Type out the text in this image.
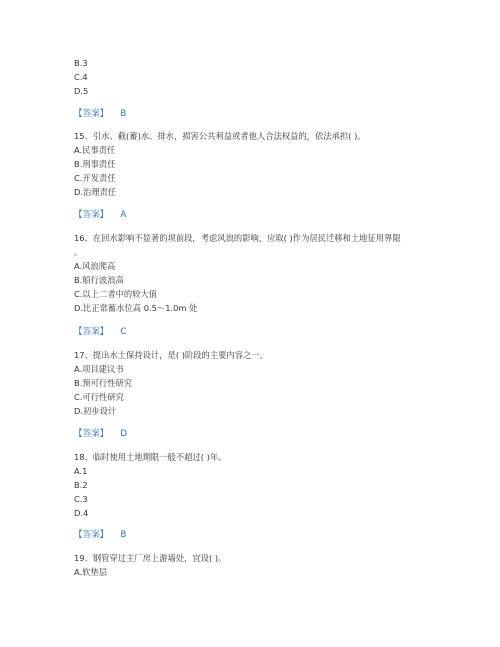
B.3
C.4
D.5
【答案】 B
15、引水、截(蓄)水、排水，损害公共利益或者他人合法权益的，依法承担( )。
A.民事责任
B.刑事责任
C.开发责任
D.治理责任
【答案】 A
16、在回水影响不显著的坝前段，考虑风浪的影响，应取( )作为居民迁移和土地征用界限
。
A.风浪爬高
B.船行波浪高
C.以上二者中的较大值
D.比正常蓄水位高 0.5～1.0m 处
【答案】 C
17、提出水土保持设计，是( )阶段的主要内容之一。
A.项目建议书
B.预可行性研究
C.可行性研究
D.初步设计
【答案】 D
18、临时使用土地期限一般不超过( )年。
A.1
B.2
C.3
D.4
【答案】 B
19、钢管穿过主厂房上游墙处，宜设( )。
A.软垫层
